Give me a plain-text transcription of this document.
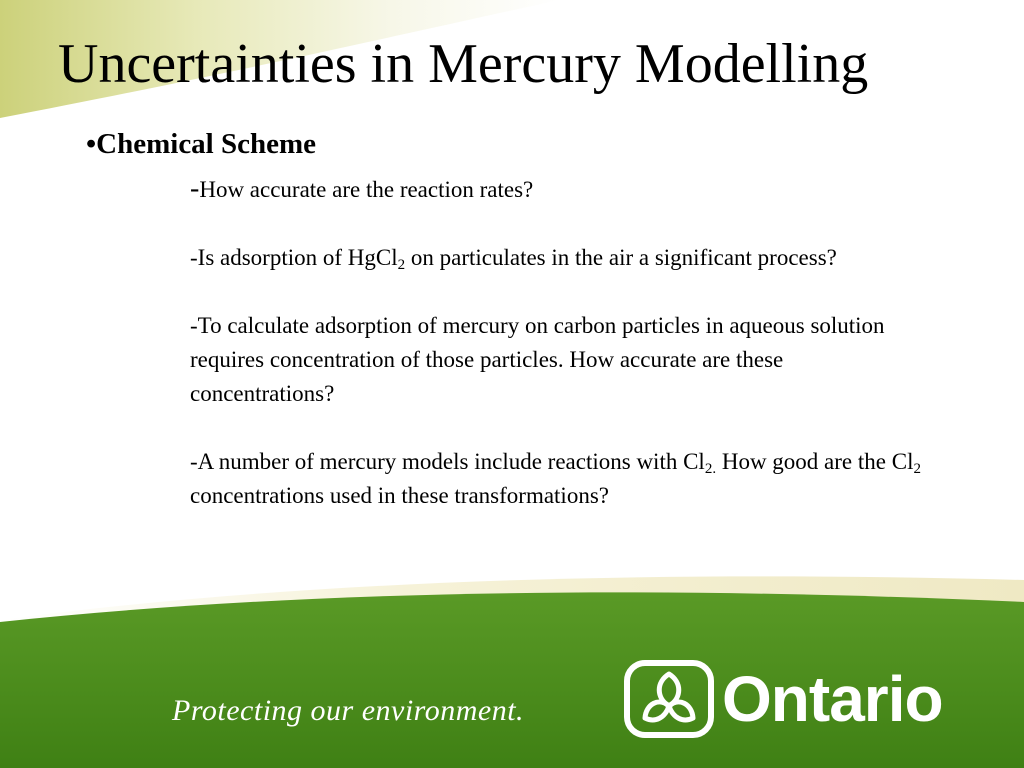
Uncertainties in Mercury Modelling
•Chemical Scheme

-How accurate are the reaction rates?

-Is adsorption of HgCl$_2$ on particulates in the air a significant process?

-To calculate adsorption of mercury on carbon particles in aqueous solution requires concentration of those particles. How accurate are these concentrations?

-A number of mercury models include reactions with $Cl_{2.}$ How good are the $Cl_2$ concentrations used in these transformations?

Protecting our environment.	Ontario
